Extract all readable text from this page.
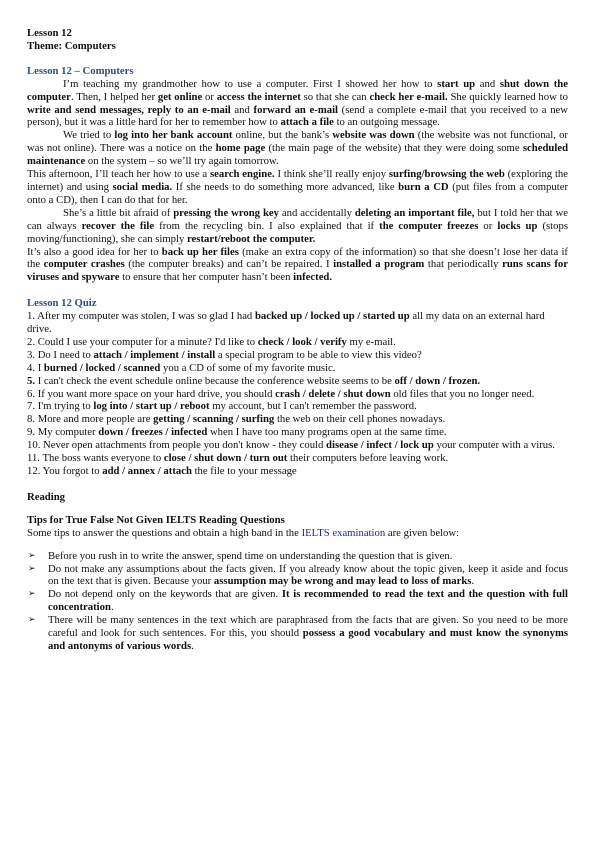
Lesson 12

Theme: Computers

Lesson 12 – Computers

I’m teaching my grandmother how to use a computer. First I showed her how to start up and shut down the computer. Then, I helped her get online or access the internet so that she can check her e-mail. She quickly learned how to write and send messages, reply to an e-mail and forward an e-mail (send a complete e-mail that you received to a new person), but it was a little hard for her to remember how to attach a file to an outgoing message.

We tried to log into her bank account online, but the bank’s website was down (the website was not functional, or was not online). There was a notice on the home page (the main page of the website) that they were doing some scheduled maintenance on the system – so we’ll try again tomorrow.

This afternoon, I’ll teach her how to use a search engine. I think she’ll really enjoy surfing/browsing the web (exploring the internet) and using social media. If she needs to do something more advanced, like burn a CD (put files from a computer onto a CD), then I can do that for her.

She’s a little bit afraid of pressing the wrong key and accidentally deleting an important file, but I told her that we can always recover the file from the recycling bin. I also explained that if the computer freezes or locks up (stops moving/functioning), she can simply restart/reboot the computer.

It’s also a good idea for her to back up her files (make an extra copy of the information) so that she doesn’t lose her data if the computer crashes (the computer breaks) and can’t be repaired. I installed a program that periodically runs scans for viruses and spyware to ensure that her computer hasn’t been infected.

Lesson 12 Quiz

1. After my computer was stolen, I was so glad I had backed up / locked up / started up all my data on an external hard drive.

2. Could I use your computer for a minute? I'd like to check / look / verify my e-mail.

3. Do I need to attach / implement / install a special program to be able to view this video?

4. I burned / locked / scanned you a CD of some of my favorite music.

5. I can't check the event schedule online because the conference website seems to be off / down / frozen.

6. If you want more space on your hard drive, you should crash / delete / shut down old files that you no longer need.

7. I'm trying to log into / start up / reboot my account, but I can't remember the password.

8. More and more people are getting / scanning / surfing the web on their cell phones nowadays.

9. My computer down / freezes / infected when I have too many programs open at the same time.

10. Never open attachments from people you don't know - they could disease / infect / lock up your computer with a virus.

11. The boss wants everyone to close / shut down / turn out their computers before leaving work.

12. You forgot to add / annex / attach the file to your message

Reading

Tips for True False Not Given IELTS Reading Questions

Some tips to answer the questions and obtain a high band in the IELTS examination are given below:

➢ Before you rush in to write the answer, spend time on understanding the question that is given.
➢ Do not make any assumptions about the facts given. If you already know about the topic given, keep it aside and focus on the text that is given. Because your assumption may be wrong and may lead to loss of marks.
➢ Do not depend only on the keywords that are given. It is recommended to read the text and the question with full concentration.
➢ There will be many sentences in the text which are paraphrased from the facts that are given. So you need to be more careful and look for such sentences. For this, you should possess a good vocabulary and must know the synonyms and antonyms of various words.
